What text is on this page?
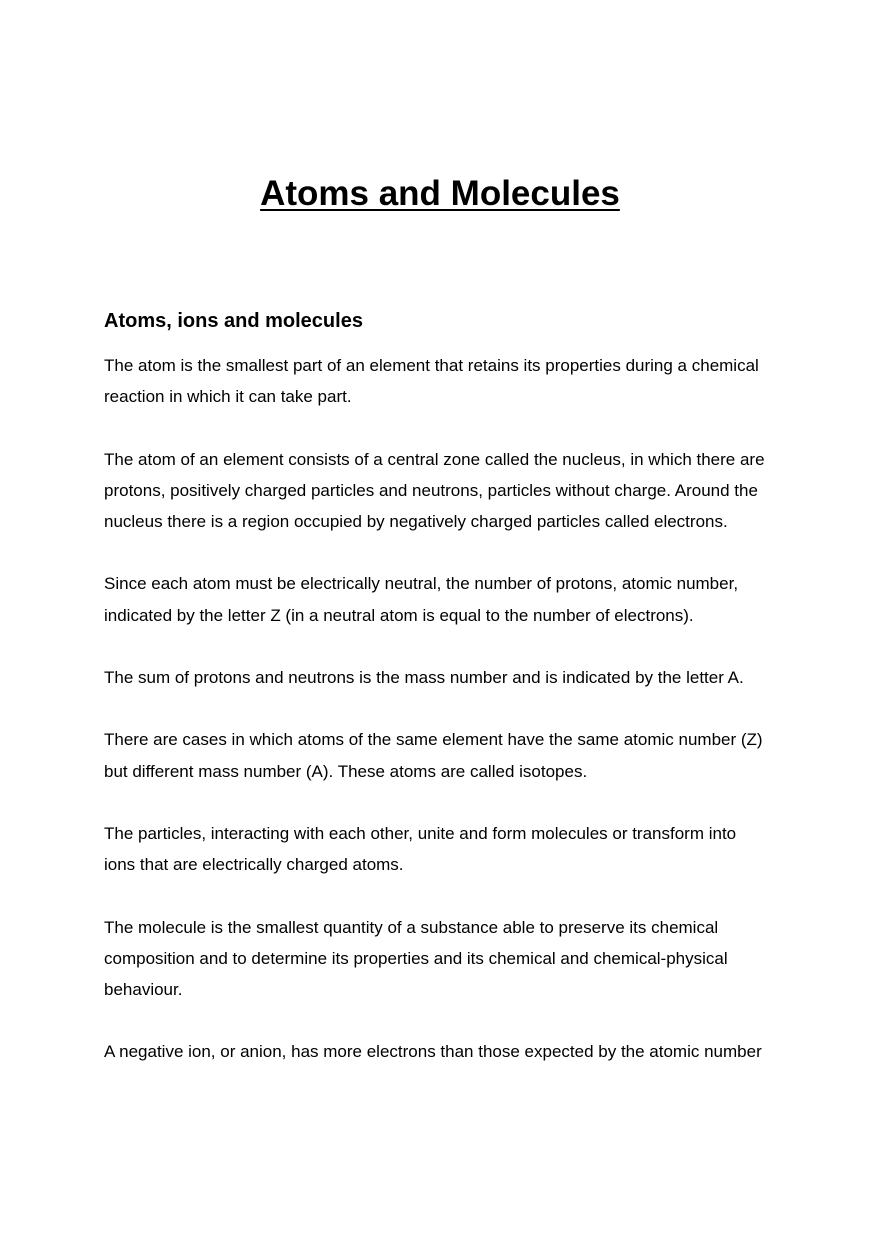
Atoms and Molecules
Atoms, ions and molecules

The atom is the smallest part of an element that retains its properties during a chemical
reaction in which it can take part.

The atom of an element consists of a central zone called the nucleus, in which there are
protons, positively charged particles and neutrons, particles without charge. Around the
nucleus there is a region occupied by negatively charged particles called electrons.

Since each atom must be electrically neutral, the number of protons, atomic number,
indicated by the letter Z (in a neutral atom is equal to the number of electrons).

The sum of protons and neutrons is the mass number and is indicated by the letter A.

There are cases in which atoms of the same element have the same atomic number (Z)
but different mass number (A). These atoms are called isotopes.

The particles, interacting with each other, unite and form molecules or transform into
ions that are electrically charged atoms.

The molecule is the smallest quantity of a substance able to preserve its chemical
composition and to determine its properties and its chemical and chemical-physical
behaviour.

A negative ion, or anion, has more electrons than those expected by the atomic number
